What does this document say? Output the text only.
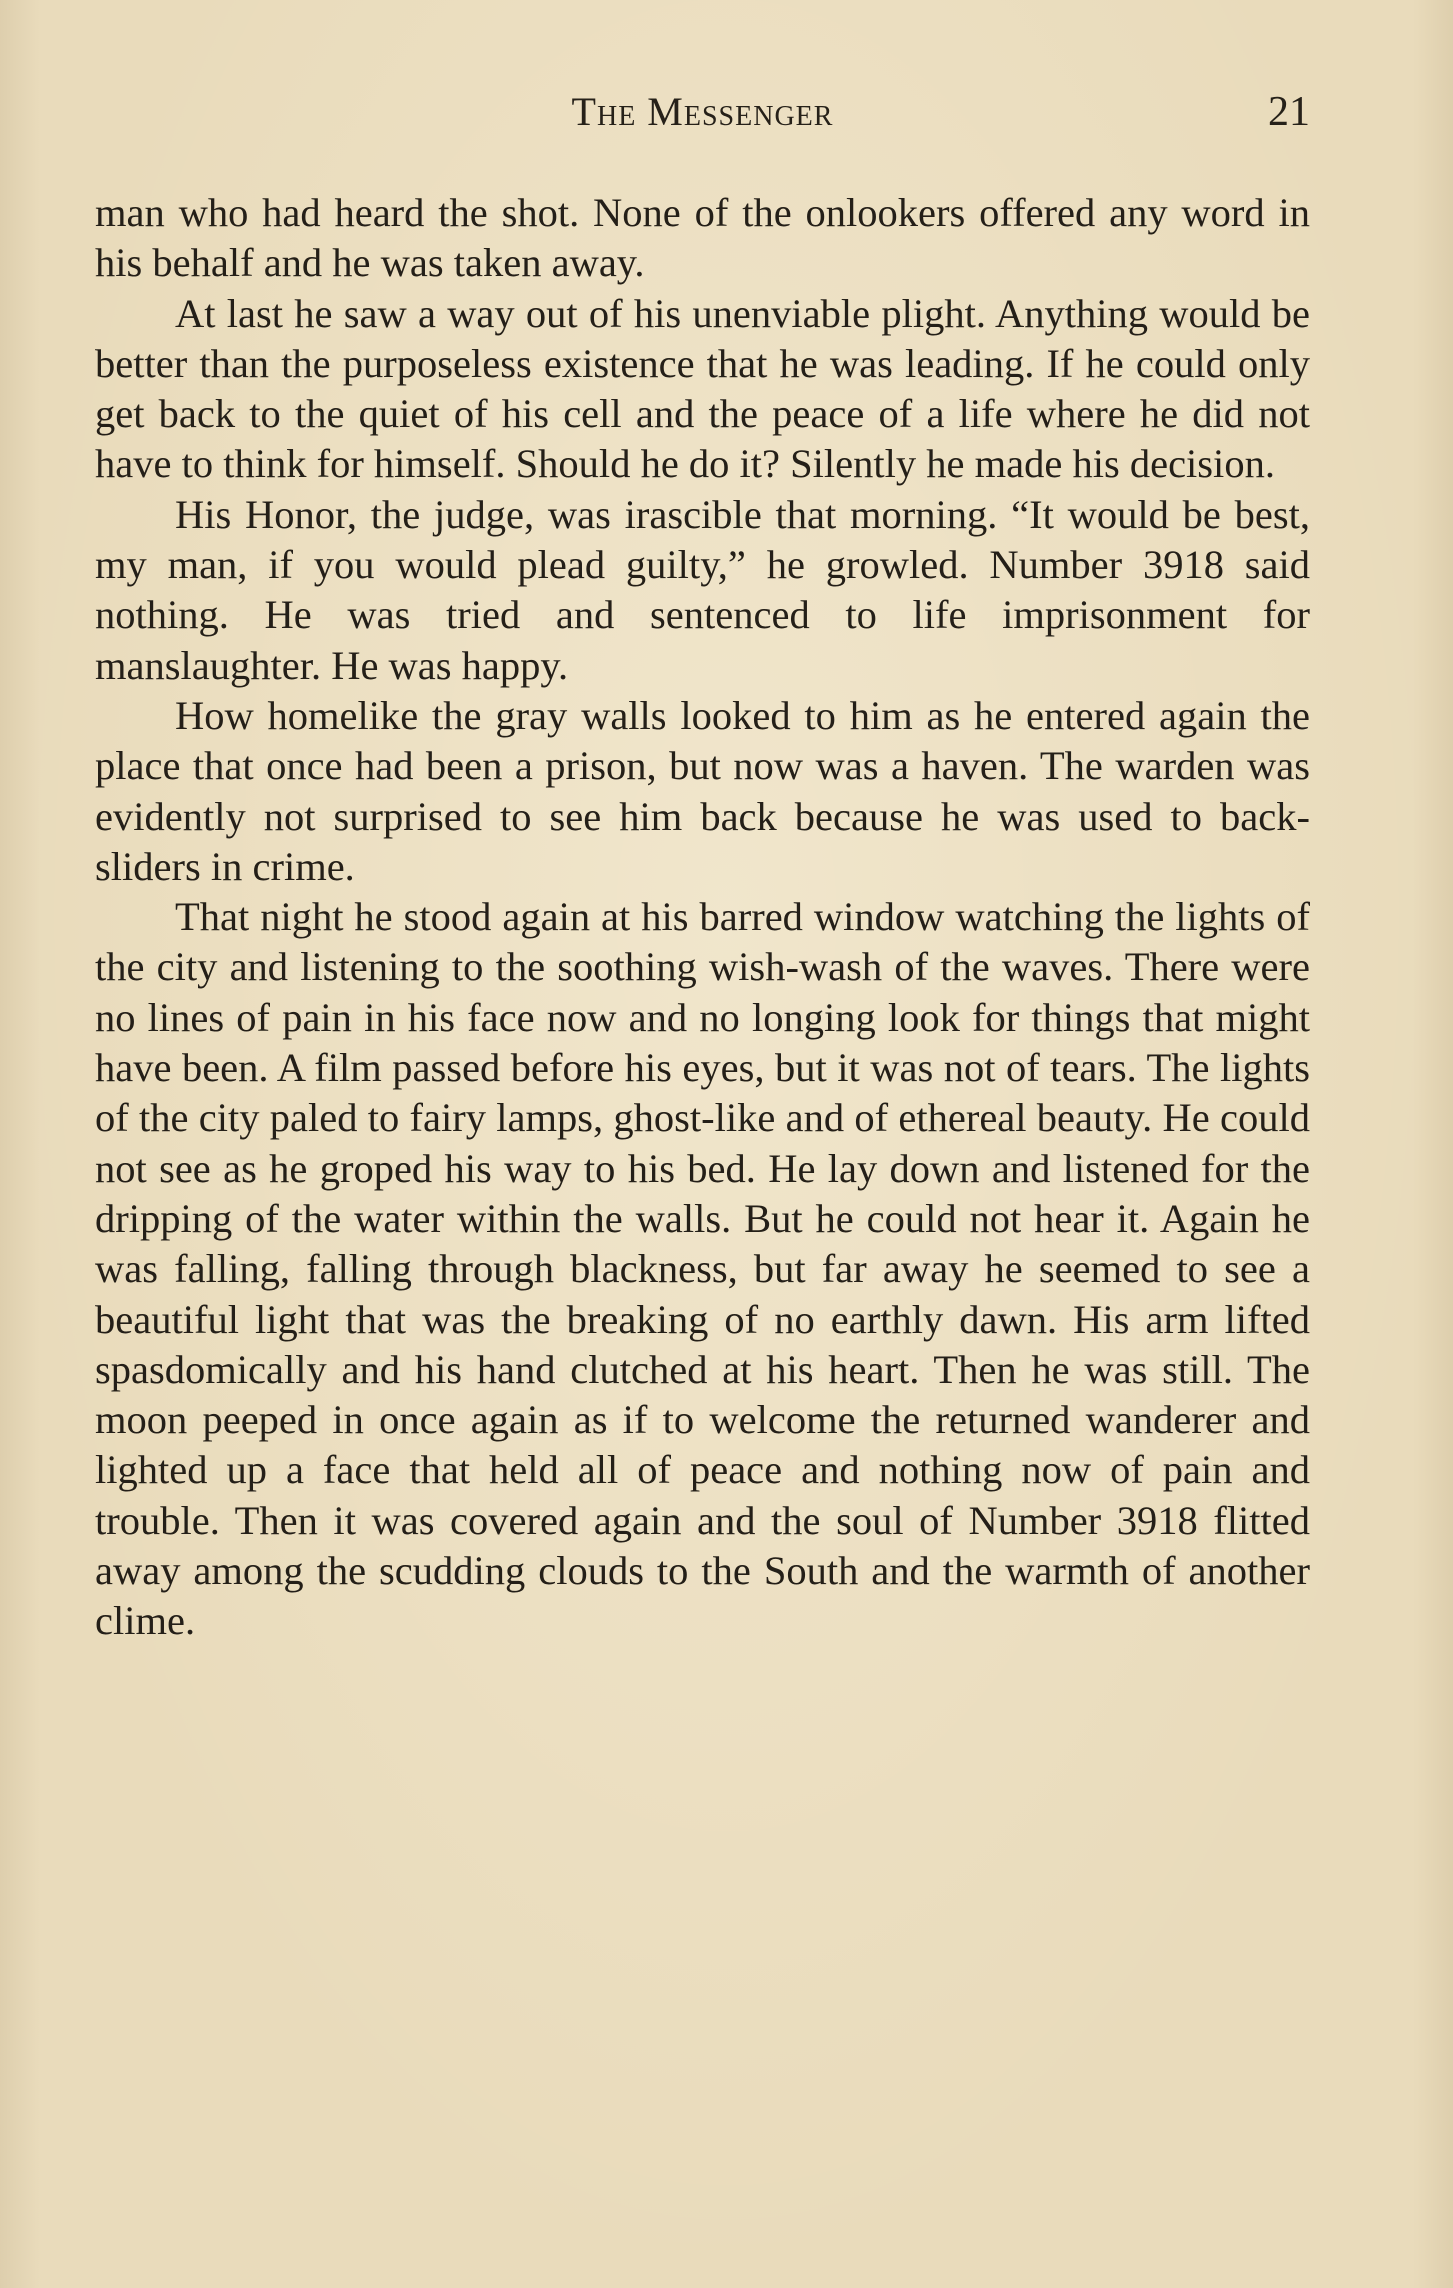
The Messenger	21

man who had heard the shot. None of the onlookers offered any word in his behalf and he was taken away.

At last he saw a way out of his unenviable plight. Anything would be better than the purposeless existence that he was leading. If he could only get back to the quiet of his cell and the peace of a life where he did not have to think for himself. Should he do it? Silently he made his decision.

His Honor, the judge, was irascible that morning. “It would be best, my man, if you would plead guilty,” he growled. Number 3918 said nothing. He was tried and sentenced to life imprisonment for manslaughter. He was happy.

How homelike the gray walls looked to him as he entered again the place that once had been a prison, but now was a haven. The warden was evidently not surprised to see him back because he was used to back-sliders in crime.

That night he stood again at his barred window watching the lights of the city and listening to the soothing wish-wash of the waves. There were no lines of pain in his face now and no longing look for things that might have been. A film passed before his eyes, but it was not of tears. The lights of the city paled to fairy lamps, ghost-like and of ethereal beauty. He could not see as he groped his way to his bed. He lay down and listened for the dripping of the water within the walls. But he could not hear it. Again he was falling, falling through blackness, but far away he seemed to see a beautiful light that was the breaking of no earthly dawn. His arm lifted spasdomically and his hand clutched at his heart. Then he was still. The moon peeped in once again as if to welcome the returned wanderer and lighted up a face that held all of peace and nothing now of pain and trouble. Then it was covered again and the soul of Number 3918 flitted away among the scudding clouds to the South and the warmth of another clime.
